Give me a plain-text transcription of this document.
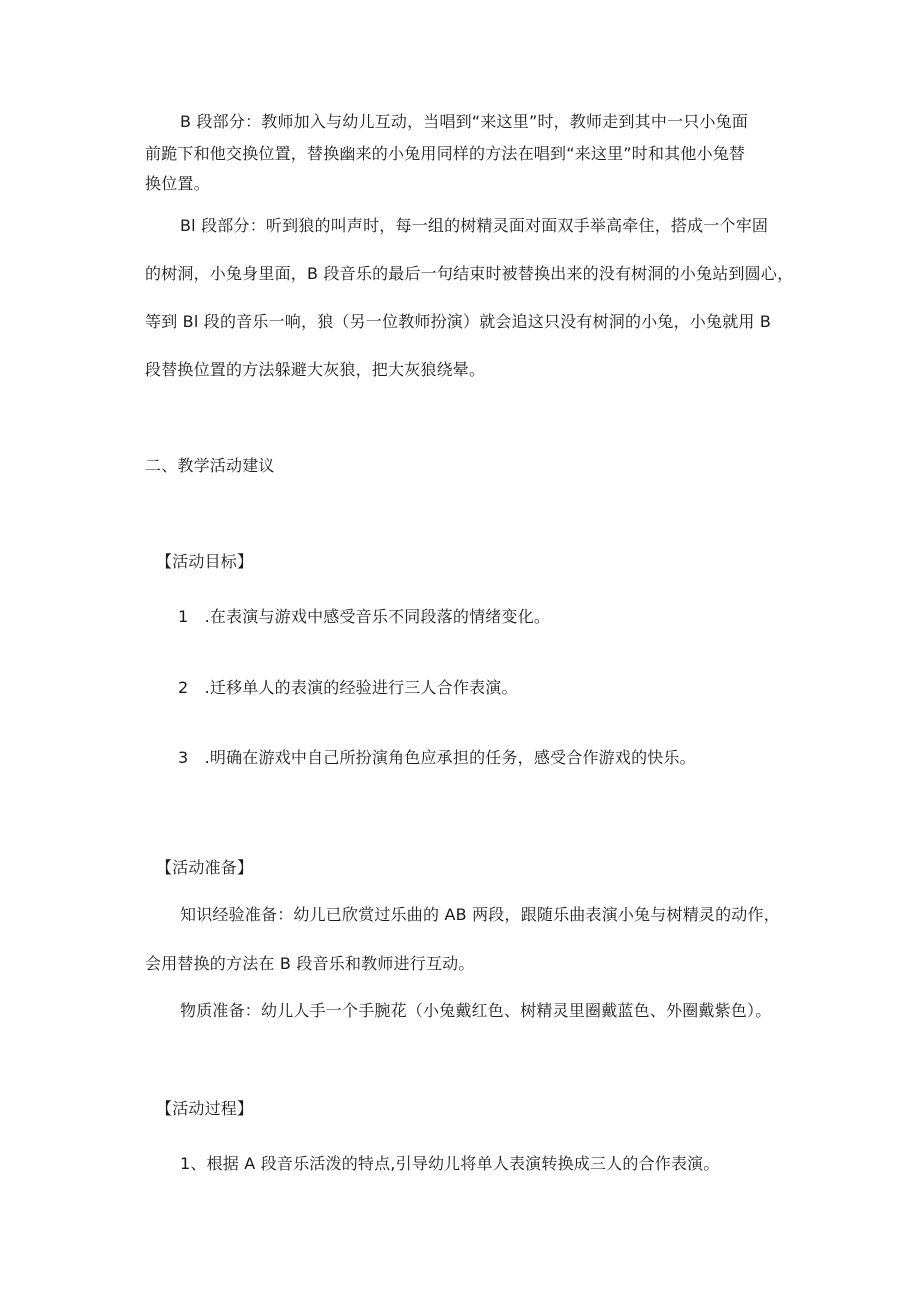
B 段部分：教师加入与幼儿互动，当唱到“来这里”时，教师走到其中一只小兔面
前跪下和他交换位置，替换幽来的小兔用同样的方法在唱到“来这里”时和其他小兔替
换位置。
Bl 段部分：听到狼的叫声时，每一组的树精灵面对面双手举高牵住，搭成一个牢固
的树洞，小兔身里面，B 段音乐的最后一句结束时被替换出来的没有树洞的小兔站到圆心，
等到 Bl 段的音乐一响，狼（另一位教师扮演）就会追这只没有树洞的小兔，小兔就用 B
段替换位置的方法躲避大灰狼，把大灰狼绕晕。
二、教学活动建议
【活动目标】
1　.在表演与游戏中感受音乐不同段落的情绪变化。
2　.迁移单人的表演的经验进行三人合作表演。
3　.明确在游戏中自己所扮演角色应承担的任务，感受合作游戏的快乐。
【活动准备】
知识经验准备：幼儿已欣赏过乐曲的 AB 两段，跟随乐曲表演小兔与树精灵的动作，
会用替换的方法在 B 段音乐和教师进行互动。
物质准备：幼儿人手一个手腕花（小兔戴红色、树精灵里圈戴蓝色、外圈戴紫色）。
【活动过程】
1、根据 A 段音乐活泼的特点,引导幼儿将单人表演转换成三人的合作表演。
